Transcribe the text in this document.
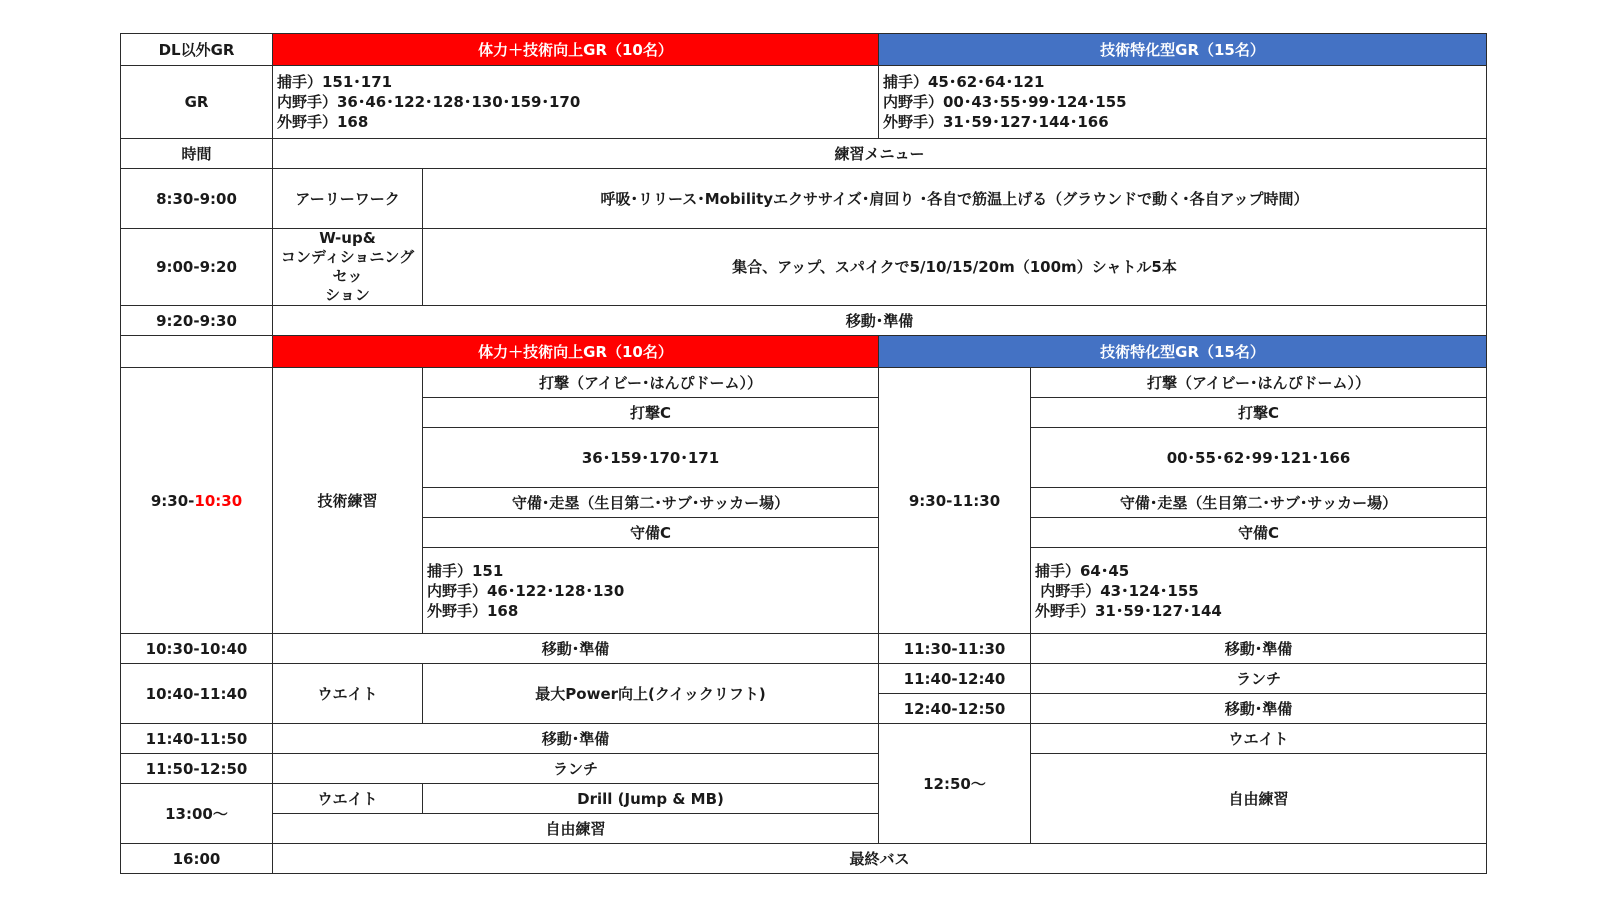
DL以外GR	体力＋技術向上GR（10名）		技術特化型GR（15名）	
GR	捕手）151･171
内野手）36･46･122･128･130･159･170
外野手）168		捕手）45･62･64･121
内野手）00･43･55･99･124･155
外野手）31･59･127･144･166	

時間	練習メニュー			
8:30-9:00	アーリーワーク	呼吸･リリース･Mobilityエクササイズ･肩回り ･各自で筋温上げる（グラウンドで動く･各自アップ時間）		
9:00-9:20	W-up&
コンディショニングセッ
ション	集合、アップ、スパイクで5/10/15/20m（100m）シャトル5本		
9:20-9:30	移動･準備			
	体力＋技術向上GR（10名）		技術特化型GR（15名）	
9:30-10:30	技術練習	打撃（アイビー･はんぴドーム））	9:30-11:30	打撃（アイビー･はんぴドーム））
		打撃C		打撃C
		36･159･170･171		00･55･62･99･121･166
		守備･走塁（生目第二･サブ･サッカー場）		守備･走塁（生目第二･サブ･サッカー場）
		守備C		守備C

		捕手）151
内野手）46･122･128･130
外野手）168		捕手）64･45
内野手）43･124･155
外野手）31･59･127･144

10:30-10:40	移動･準備		11:30-11:30	移動･準備
10:40-11:40	ウエイト	最大Power向上(クイックリフト)	11:40-12:40	ランチ
			12:40-12:50	移動･準備
11:40-11:50	移動･準備		12:50～	ウエイト
11:50-12:50	ランチ			自由練習
13:00～	ウエイト	Drill (Jump & MB)		
	自由練習			
16:00	最終バス			
